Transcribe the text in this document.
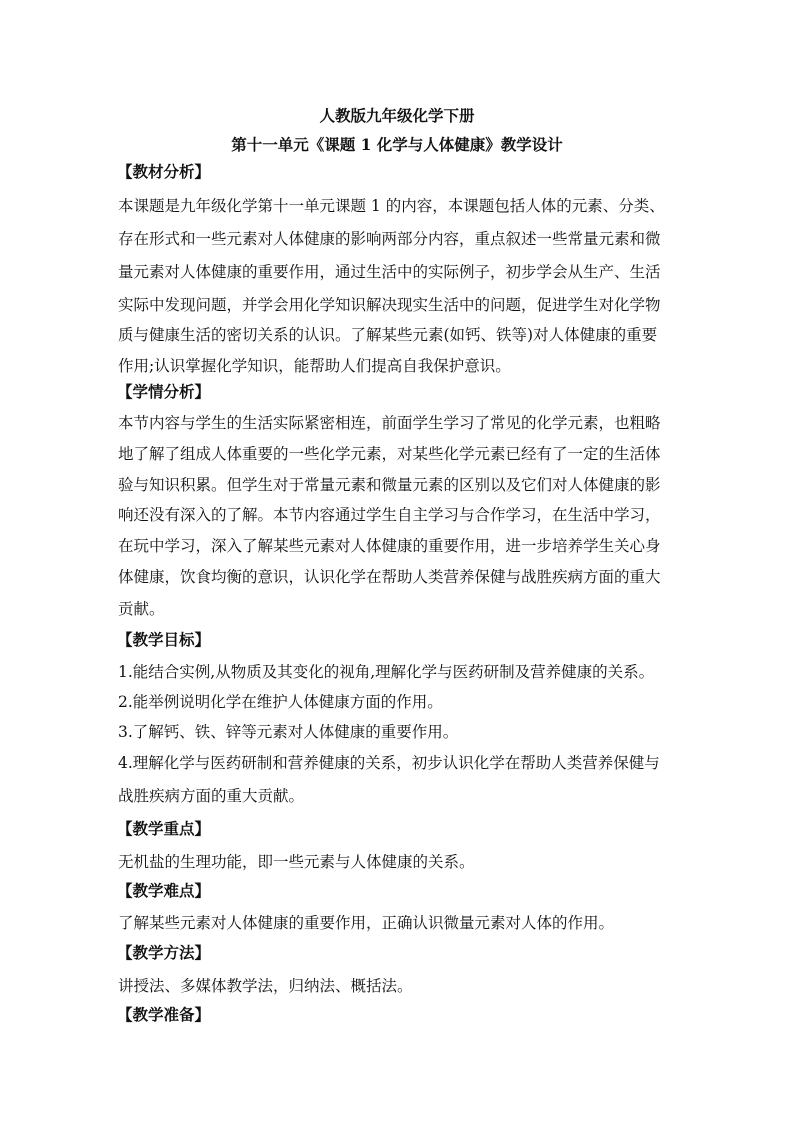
人教版九年级化学下册
第十一单元《课题 1 化学与人体健康》教学设计
【教材分析】
本课题是九年级化学第十一单元课题 1 的内容，本课题包括人体的元素、分类、
存在形式和一些元素对人体健康的影响两部分内容，重点叙述一些常量元素和微
量元素对人体健康的重要作用，通过生活中的实际例子，初步学会从生产、生活
实际中发现问题，并学会用化学知识解决现实生活中的问题，促进学生对化学物
质与健康生活的密切关系的认识。了解某些元素(如钙、铁等)对人体健康的重要
作用;认识掌握化学知识，能帮助人们提高自我保护意识。
【学情分析】
本节内容与学生的生活实际紧密相连，前面学生学习了常见的化学元素，也粗略
地了解了组成人体重要的一些化学元素，对某些化学元素已经有了一定的生活体
验与知识积累。但学生对于常量元素和微量元素的区别以及它们对人体健康的影
响还没有深入的了解。本节内容通过学生自主学习与合作学习，在生活中学习，
在玩中学习，深入了解某些元素对人体健康的重要作用，进一步培养学生关心身
体健康，饮食均衡的意识，认识化学在帮助人类营养保健与战胜疾病方面的重大
贡献。
【教学目标】
1.能结合实例,从物质及其变化的视角,理解化学与医药研制及营养健康的关系。
2.能举例说明化学在维护人体健康方面的作用。
3.了解钙、铁、锌等元素对人体健康的重要作用。
4.理解化学与医药研制和营养健康的关系，初步认识化学在帮助人类营养保健与
战胜疾病方面的重大贡献。
【教学重点】
无机盐的生理功能，即一些元素与人体健康的关系。
【教学难点】
了解某些元素对人体健康的重要作用，正确认识微量元素对人体的作用。
【教学方法】
讲授法、多媒体教学法，归纳法、概括法。
【教学准备】
